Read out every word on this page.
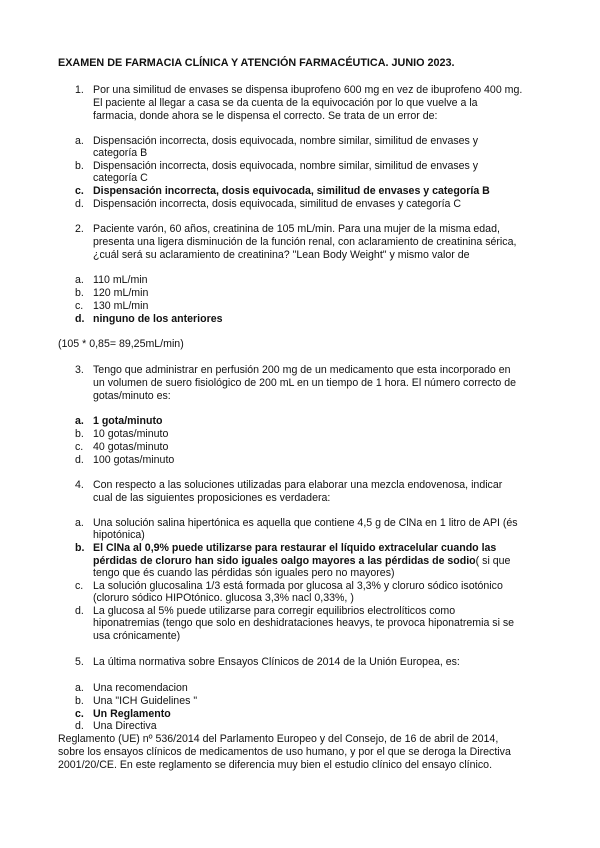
EXAMEN DE FARMACIA CLÍNICA Y ATENCIÓN FARMACÉUTICA. JUNIO 2023.
1. Por una similitud de envases se dispensa ibuprofeno 600 mg en vez de ibuprofeno 400 mg.
El paciente al llegar a casa se da cuenta de la equivocación por lo que vuelve a la
farmacia, donde ahora se le dispensa el correcto. Se trata de un error de:
a. Dispensación incorrecta, dosis equivocada, nombre similar, similitud de envases y
categoría B
b. Dispensación incorrecta, dosis equivocada, nombre similar, similitud de envases y
categoría C
c. Dispensación incorrecta, dosis equivocada, similitud de envases y categoría B
d. Dispensación incorrecta, dosis equivocada, similitud de envases y categoría C
2. Paciente varón, 60 años, creatinina de 105 mL/min. Para una mujer de la misma edad,
presenta una ligera disminución de la función renal, con aclaramiento de creatinina sérica,
¿cuál será su aclaramiento de creatinina? "Lean Body Weight" y mismo valor de
a. 110 mL/min
b. 120 mL/min
c. 130 mL/min
d. ninguno de los anteriores
(105 * 0,85= 89,25mL/min)
3. Tengo que administrar en perfusión 200 mg de un medicamento que esta incorporado en
un volumen de suero fisiológico de 200 mL en un tiempo de 1 hora. El número correcto de
gotas/minuto es:
a. 1 gota/minuto
b. 10 gotas/minuto
c. 40 gotas/minuto
d. 100 gotas/minuto
4. Con respecto a las soluciones utilizadas para elaborar una mezcla endovenosa, indicar
cual de las siguientes proposiciones es verdadera:
a. Una solución salina hipertónica es aquella que contiene 4,5 g de ClNa en 1 litro de API (és
hipotónica)
b. El ClNa al 0,9% puede utilizarse para restaurar el líquido extracelular cuando las
pérdidas de cloruro han sido iguales oalgo mayores a las pérdidas de sodio( si que
tengo que és cuando las pérdidas són iguales pero no mayores)
c. La solución glucosalina 1/3 está formada por glucosa al 3,3% y cloruro sódico isotónico
(cloruro sódico HIPOtónico. glucosa 3,3% nacl 0,33%, )
d. La glucosa al 5% puede utilizarse para corregir equilibrios electrolíticos como
hiponatremias (tengo que solo en deshidrataciones heavys, te provoca hiponatremia si se
usa crónicamente)
5. La última normativa sobre Ensayos Clínicos de 2014 de la Unión Europea, es:
a. Una recomendacion
b. Una "ICH Guidelines "
c. Un Reglamento
d. Una Directiva
Reglamento (UE) nº 536/2014 del Parlamento Europeo y del Consejo, de 16 de abril de 2014,
sobre los ensayos clínicos de medicamentos de uso humano, y por el que se deroga la Directiva
2001/20/CE. En este reglamento se diferencia muy bien el estudio clínico del ensayo clínico.
